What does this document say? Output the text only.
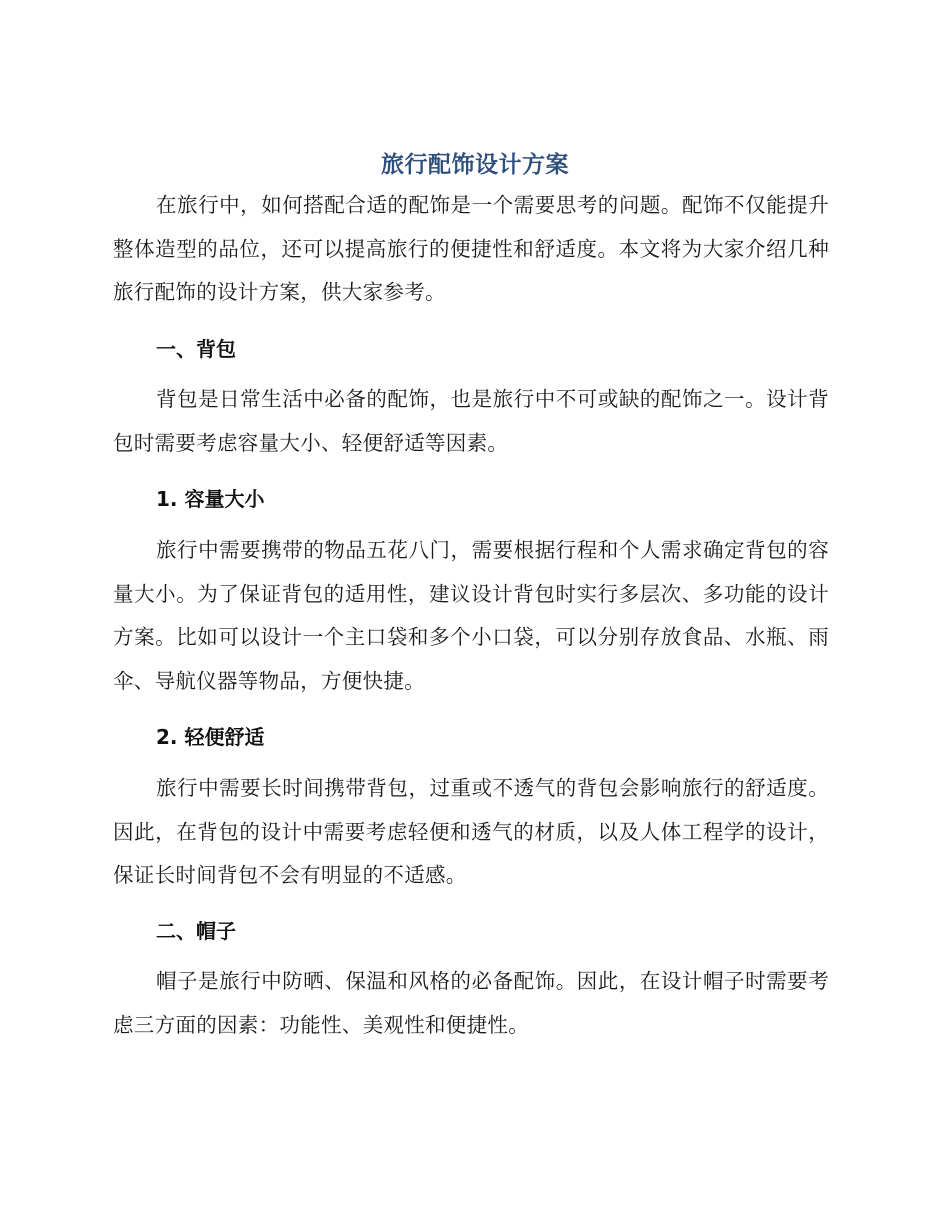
旅行配饰设计方案

在旅行中，如何搭配合适的配饰是一个需要思考的问题。配饰不仅能提升整体造型的品位，还可以提高旅行的便捷性和舒适度。本文将为大家介绍几种旅行配饰的设计方案，供大家参考。

一、背包

背包是日常生活中必备的配饰，也是旅行中不可或缺的配饰之一。设计背包时需要考虑容量大小、轻便舒适等因素。

1. 容量大小

旅行中需要携带的物品五花八门，需要根据行程和个人需求确定背包的容量大小。为了保证背包的适用性，建议设计背包时实行多层次、多功能的设计方案。比如可以设计一个主口袋和多个小口袋，可以分别存放食品、水瓶、雨伞、导航仪器等物品，方便快捷。

2. 轻便舒适

旅行中需要长时间携带背包，过重或不透气的背包会影响旅行的舒适度。因此，在背包的设计中需要考虑轻便和透气的材质，以及人体工程学的设计，保证长时间背包不会有明显的不适感。

二、帽子

帽子是旅行中防晒、保温和风格的必备配饰。因此，在设计帽子时需要考虑三方面的因素：功能性、美观性和便捷性。
